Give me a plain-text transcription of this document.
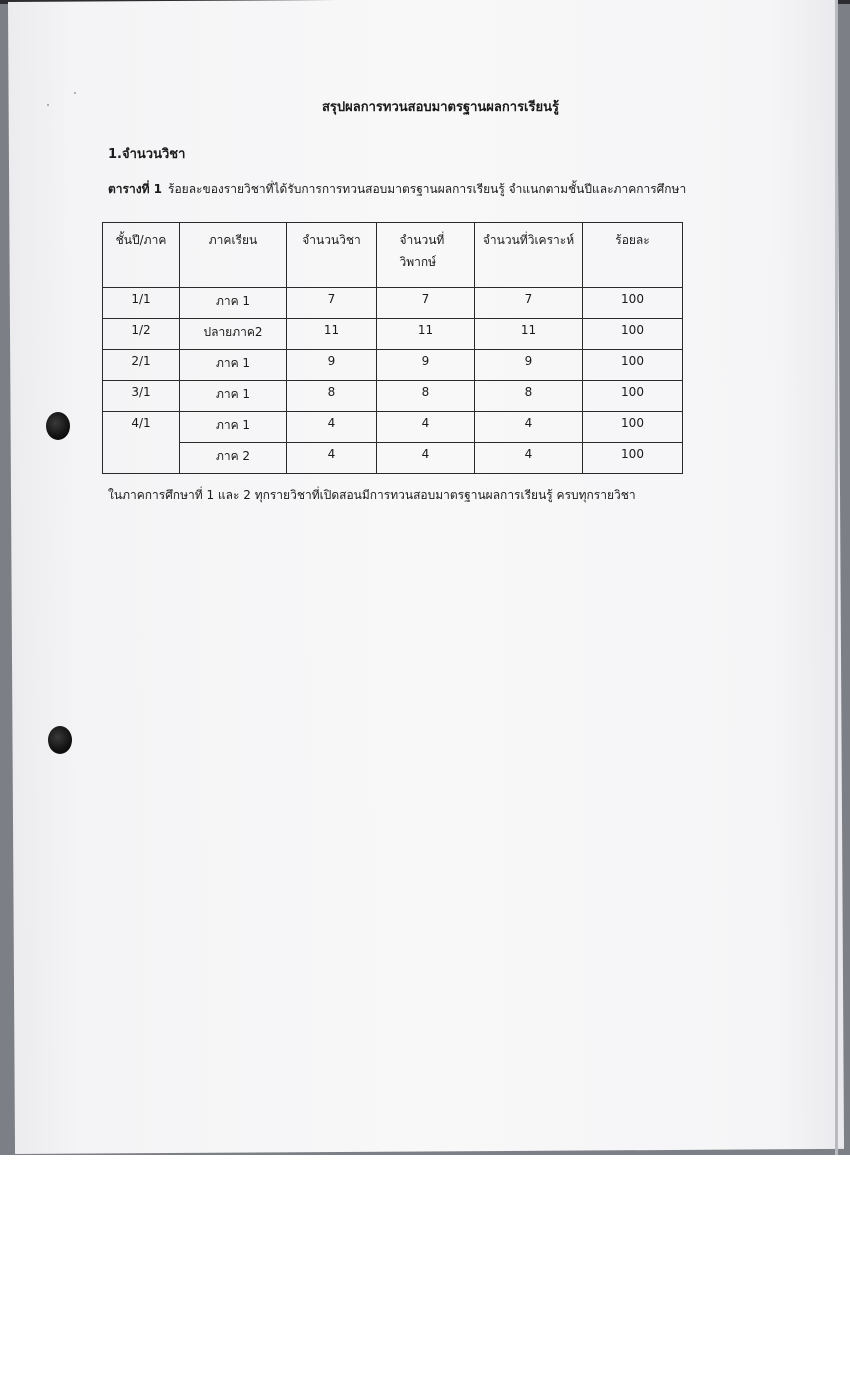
สรุปผลการทวนสอบมาตรฐานผลการเรียนรู้
1.จำนวนวิชา
ตารางที่ 1 ร้อยละของรายวิชาที่ได้รับการการทวนสอบมาตรฐานผลการเรียนรู้ จำแนกตามชั้นปีและภาคการศึกษา
ชั้นปี/ภาค	ภาคเรียน	จำนวนวิชา	จำนวนที่ วิพากษ์	จำนวนที่วิเคราะห์	ร้อยละ
1/1	ภาค 1	7	7	7	100
1/2	ปลายภาค2	11	11	11	100
2/1	ภาค 1	9	9	9	100
3/1	ภาค 1	8	8	8	100
4/1	ภาค 1	4	4	4	100
	ภาค 2	4	4	4	100
ในภาคการศึกษาที่ 1 และ 2 ทุกรายวิชาที่เปิดสอนมีการทวนสอบมาตรฐานผลการเรียนรู้ ครบทุกรายวิชา
